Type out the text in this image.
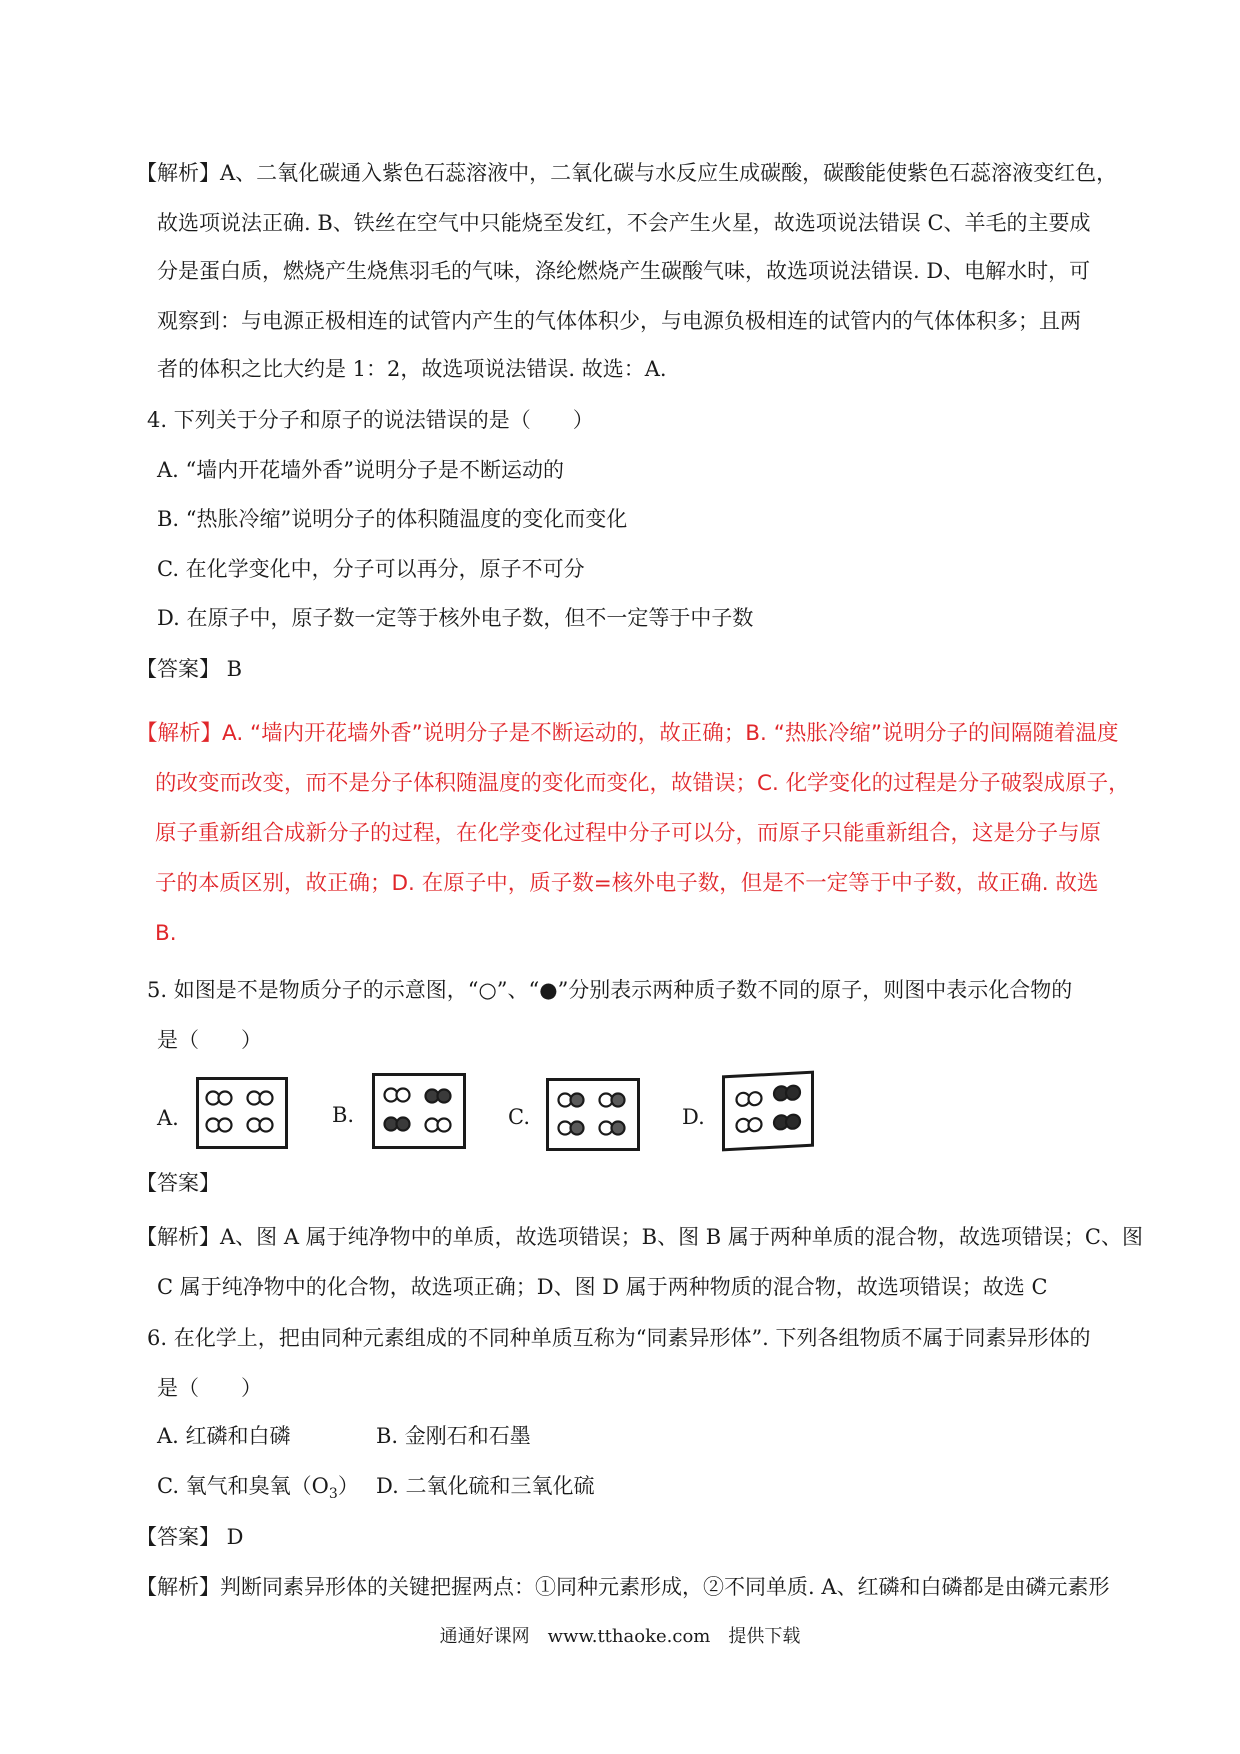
【解析】A、二氧化碳通入紫色石蕊溶液中，二氧化碳与水反应生成碳酸，碳酸能使紫色石蕊溶液变红色，
故选项说法正确. B、铁丝在空气中只能烧至发红，不会产生火星，故选项说法错误 C、羊毛的主要成
分是蛋白质，燃烧产生烧焦羽毛的气味，涤纶燃烧产生碳酸气味，故选项说法错误. D、电解水时，可
观察到：与电源正极相连的试管内产生的气体体积少，与电源负极相连的试管内的气体体积多；且两
者的体积之比大约是 1：2，故选项说法错误. 故选：A.
4. 下列关于分子和原子的说法错误的是（　　）
A. “墙内开花墙外香”说明分子是不断运动的
B. “热胀冷缩”说明分子的体积随温度的变化而变化
C. 在化学变化中，分子可以再分，原子不可分
D. 在原子中，原子数一定等于核外电子数，但不一定等于中子数
【答案】 B
【解析】A. “墙内开花墙外香”说明分子是不断运动的，故正确；B. “热胀冷缩”说明分子的间隔随着温度
的改变而改变，而不是分子体积随温度的变化而变化，故错误；C. 化学变化的过程是分子破裂成原子，
原子重新组合成新分子的过程，在化学变化过程中分子可以分，而原子只能重新组合，这是分子与原
子的本质区别，故正确；D. 在原子中，质子数=核外电子数，但是不一定等于中子数，故正确. 故选
B.
5. 如图是不是物质分子的示意图，“○”、“●”分别表示两种质子数不同的原子，则图中表示化合物的
是（　　）
A.	B.	C.	D.
【答案】
【解析】A、图 A 属于纯净物中的单质，故选项错误；B、图 B 属于两种单质的混合物，故选项错误；C、图
C 属于纯净物中的化合物，故选项正确；D、图 D 属于两种物质的混合物，故选项错误；故选 C
6. 在化学上，把由同种元素组成的不同种单质互称为“同素异形体”. 下列各组物质不属于同素异形体的
是（　　）
A. 红磷和白磷	B. 金刚石和石墨
C. 氧气和臭氧$(O_3)$ D. 二氧化硫和三氧化硫
【答案】 D
【解析】判断同素异形体的关键把握两点：①同种元素形成，②不同单质. A、红磷和白磷都是由磷元素形
通通好课网　www.tthaoke.com　提供下载
